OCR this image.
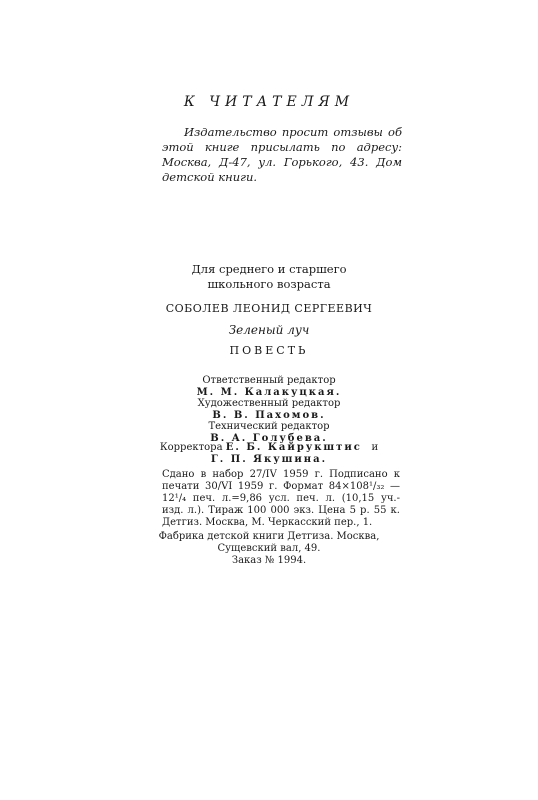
К ЧИТАТЕЛЯМ
Издательство просит отзывы об
этой книге присылать по адресу:
Москва, Д-47, ул. Горького, 43. Дом
детской книги.
Для среднего и старшего
школьного возраста
СОБОЛЕВ ЛЕОНИД СЕРГЕЕВИЧ
Зеленый луч
ПОВЕСТЬ
Ответственный редактор
М. М. Калакуцкая.
Художественный редактор
В. В. Пахомов.
Технический редактор
В. А. Голубева.
Корректора Е. Б. Кайрукштис и
Г. П. Якушина.
Сдано в набор 27/IV 1959 г. Подписано к
печати 30/VI 1959 г. Формат 84×108¹/₃₂ —
12¹/₄ печ. л.=9,86 усл. печ. л. (10,15 уч.-
изд. л.). Тираж 100 000 экз. Цена 5 р. 55 к.
Детгиз. Москва, М. Черкасский пер., 1.
Фабрика детской книги Детгиза. Москва,
Сущевский вал, 49.
Заказ № 1994.
